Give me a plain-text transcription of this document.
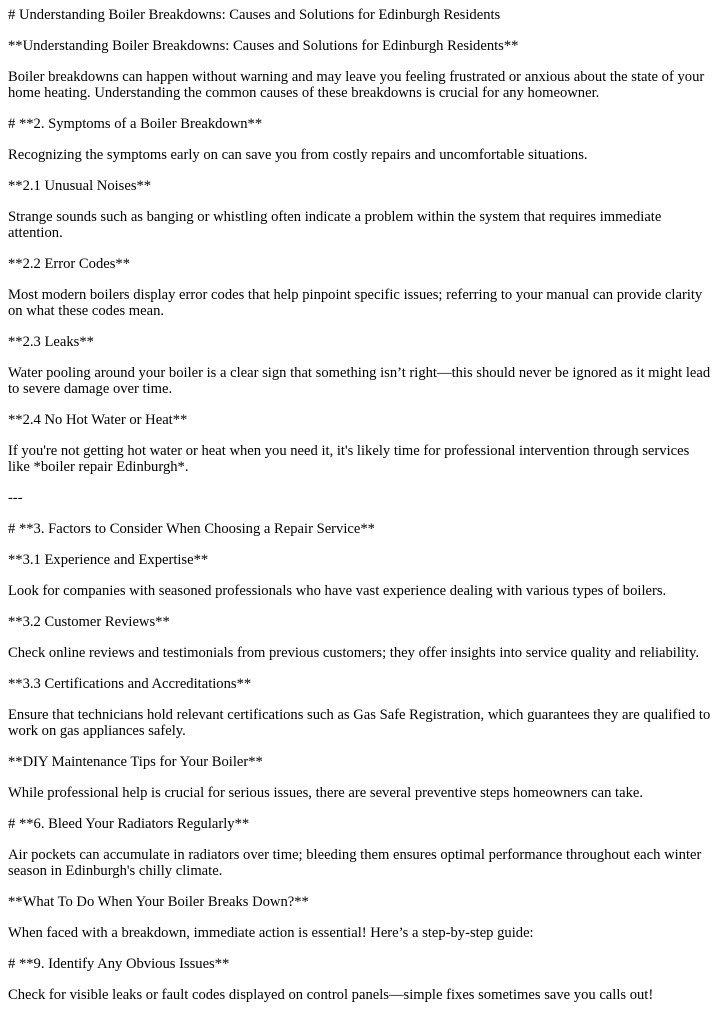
# Understanding Boiler Breakdowns: Causes and Solutions for Edinburgh Residents

**Understanding Boiler Breakdowns: Causes and Solutions for Edinburgh Residents**

Boiler breakdowns can happen without warning and may leave you feeling frustrated or anxious about the state of your home heating. Understanding the common causes of these breakdowns is crucial for any homeowner.

# **2. Symptoms of a Boiler Breakdown**

Recognizing the symptoms early on can save you from costly repairs and uncomfortable situations.

**2.1 Unusual Noises**

Strange sounds such as banging or whistling often indicate a problem within the system that requires immediate attention.

**2.2 Error Codes**

Most modern boilers display error codes that help pinpoint specific issues; referring to your manual can provide clarity on what these codes mean.

**2.3 Leaks**

Water pooling around your boiler is a clear sign that something isn’t right—this should never be ignored as it might lead to severe damage over time.

**2.4 No Hot Water or Heat**

If you're not getting hot water or heat when you need it, it's likely time for professional intervention through services like *boiler repair Edinburgh*.

---

# **3. Factors to Consider When Choosing a Repair Service**

**3.1 Experience and Expertise**

Look for companies with seasoned professionals who have vast experience dealing with various types of boilers.

**3.2 Customer Reviews**

Check online reviews and testimonials from previous customers; they offer insights into service quality and reliability.

**3.3 Certifications and Accreditations**

Ensure that technicians hold relevant certifications such as Gas Safe Registration, which guarantees they are qualified to work on gas appliances safely.

**DIY Maintenance Tips for Your Boiler**

While professional help is crucial for serious issues, there are several preventive steps homeowners can take.

# **6. Bleed Your Radiators Regularly**

Air pockets can accumulate in radiators over time; bleeding them ensures optimal performance throughout each winter season in Edinburgh's chilly climate.

**What To Do When Your Boiler Breaks Down?**

When faced with a breakdown, immediate action is essential! Here’s a step-by-step guide:

# **9. Identify Any Obvious Issues**

Check for visible leaks or fault codes displayed on control panels—simple fixes sometimes save you calls out!
